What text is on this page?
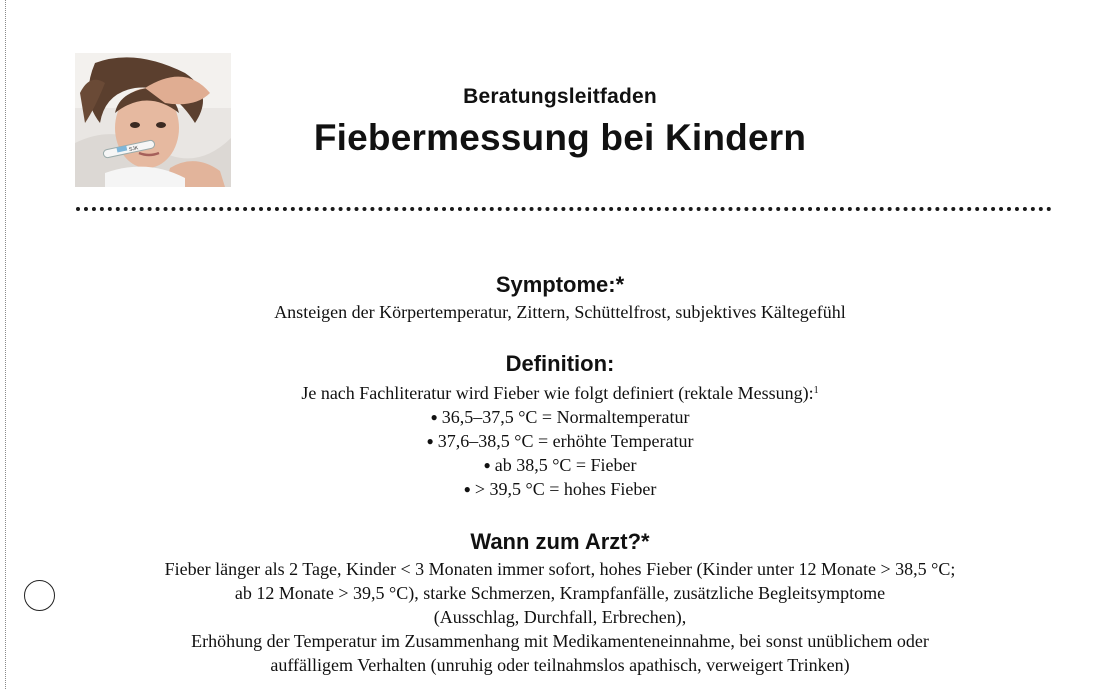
SJK

Beratungsleitfaden

Fiebermessung bei Kindern
Symptome:*

Ansteigen der Körpertemperatur, Zittern, Schüttelfrost, subjektives Kältegefühl

Definition:

Je nach Fachliteratur wird Fieber wie folgt definiert (rektale Messung):$^1$

● 36,5–37,5 °C = Normaltemperatur
● 37,6–38,5 °C = erhöhte Temperatur
● ab 38,5 °C = Fieber
● > 39,5 °C = hohes Fieber
Wann zum Arzt?*

Fieber länger als 2 Tage, Kinder < 3 Monaten immer sofort, hohes Fieber (Kinder unter 12 Monate > 38,5 °C;

ab 12 Monate > 39,5 °C), starke Schmerzen, Krampfanfälle, zusätzliche Begleitsymptome

(Ausschlag, Durchfall, Erbrechen),

Erhöhung der Temperatur im Zusammenhang mit Medikamenteneinnahme, bei sonst unüblichem oder

auffälligem Verhalten (unruhig oder teilnahmslos apathisch, verweigert Trinken)
